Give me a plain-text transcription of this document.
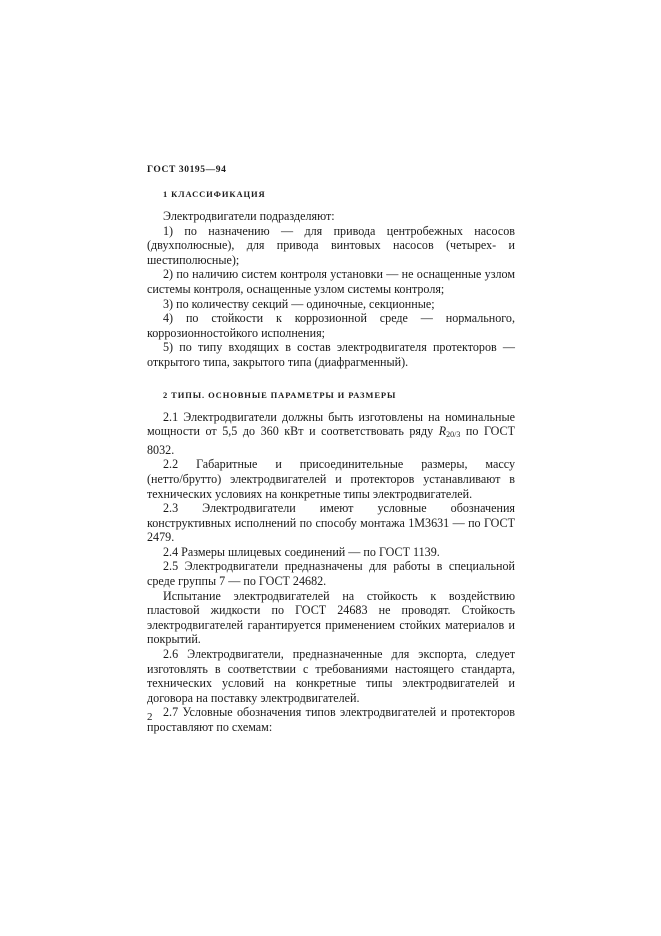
ГОСТ 30195—94
1 КЛАССИФИКАЦИЯ

Электродвигатели подразделяют:

1) по назначению — для привода центробежных насосов (двухполюсные), для привода винтовых насосов (четырех- и шестиполюсные);

2) по наличию систем контроля установки — не оснащенные узлом системы контроля, оснащенные узлом системы контроля;

3) по количеству секций — одиночные, секционные;

4) по стойкости к коррозионной среде — нормального, коррозионностойкого исполнения;

5) по типу входящих в состав электродвигателя протекторов — открытого типа, закрытого типа (диафрагменный).

2 ТИПЫ. ОСНОВНЫЕ ПАРАМЕТРЫ И РАЗМЕРЫ

2.1 Электродвигатели должны быть изготовлены на номинальные мощности от 5,5 до 360 кВт и соответствовать ряду $R_{20/3}$ по ГОСТ 8032.

2.2 Габаритные и присоединительные размеры, массу

(нетто/брутто) электродвигателей и протекторов устанавливают в технических условиях на конкретные типы электродвигателей.

2.3 Электродвигатели имеют условные обозначения конструктивных исполнений по способу монтажа 1М3631 — по ГОСТ 2479.

2.4 Размеры шлицевых соединений — по ГОСТ 1139.

2.5 Электродвигатели предназначены для работы в специальной среде группы 7 — по ГОСТ 24682.

Испытание электродвигателей на стойкость к воздействию пластовой жидкости по ГОСТ 24683 не проводят. Стойкость электродвигателей гарантируется применением стойких материалов и покрытий.

2.6 Электродвигатели, предназначенные для экспорта, следует изготовлять в соответствии с требованиями настоящего стандарта, технических условий на конкретные типы электродвигателей и договора на поставку электродвигателей.

2.7 Условные обозначения типов электродвигателей и протекторов проставляют по схемам:

2
